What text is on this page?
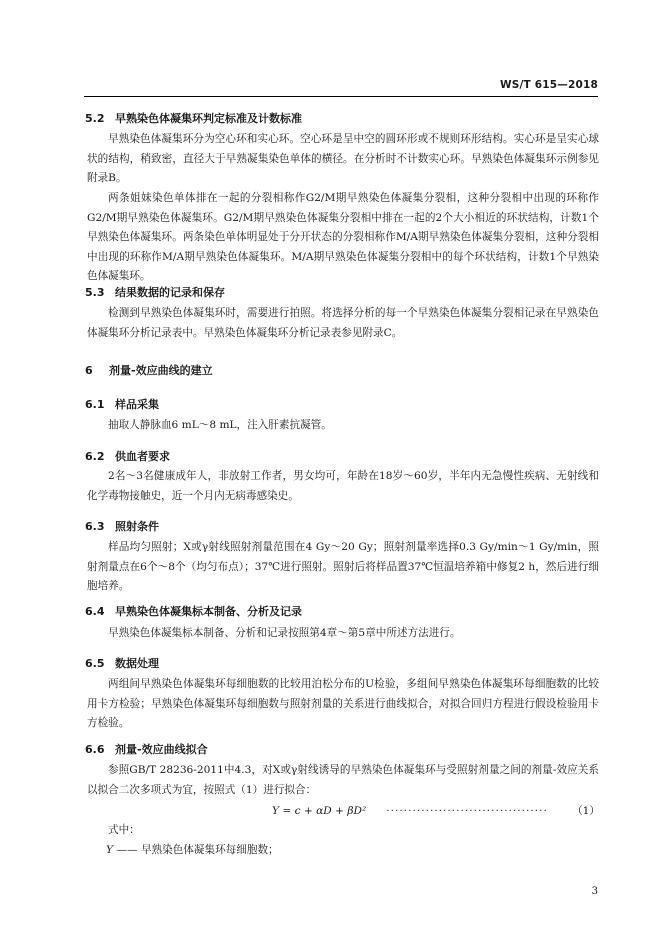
WS/T 615—2018
5.2 早熟染色体凝集环判定标准及计数标准
早熟染色体凝集环分为空心环和实心环。空心环是呈中空的圆环形或不规则环形结构。实心环是呈实心球状的结构，稍致密，直径大于早熟凝集染色单体的横径。在分析时不计数实心环。早熟染色体凝集环示例参见附录B。
两条姐妹染色单体排在一起的分裂相称作G2/M期早熟染色体凝集分裂相，这种分裂相中出现的环称作G2/M期早熟染色体凝集环。G2/M期早熟染色体凝集分裂相中排在一起的2个大小相近的环状结构，计数1个早熟染色体凝集环。两条染色单体明显处于分开状态的分裂相称作M/A期早熟染色体凝集分裂相，这种分裂相中出现的环称作M/A期早熟染色体凝集环。M/A期早熟染色体凝集分裂相中的每个环状结构，计数1个早熟染色体凝集环。
5.3 结果数据的记录和保存
检测到早熟染色体凝集环时，需要进行拍照。将选择分析的每一个早熟染色体凝集分裂相记录在早熟染色体凝集环分析记录表中。早熟染色体凝集环分析记录表参见附录C。
6 剂量-效应曲线的建立
6.1 样品采集
抽取人静脉血6 mL～8 mL，注入肝素抗凝管。
6.2 供血者要求
2名～3名健康成年人，非放射工作者，男女均可，年龄在18岁～60岁，半年内无急慢性疾病、无射线和化学毒物接触史，近一个月内无病毒感染史。
6.3 照射条件
样品均匀照射；X或γ射线照射剂量范围在4 Gy～20 Gy；照射剂量率选择0.3 Gy/min～1 Gy/min，照射剂量点在6个～8个（均匀布点）；37℃进行照射。照射后将样品置37℃恒温培养箱中修复2 h，然后进行细胞培养。
6.4 早熟染色体凝集标本制备、分析及记录
早熟染色体凝集标本制备、分析和记录按照第4章～第5章中所述方法进行。
6.5 数据处理
两组间早熟染色体凝集环每细胞数的比较用泊松分布的U检验，多组间早熟染色体凝集环每细胞数的比较用卡方检验；早熟染色体凝集环每细胞数与照射剂量的关系进行曲线拟合，对拟合回归方程进行假设检验用卡方检验。
6.6 剂量-效应曲线拟合
参照GB/T 28236-2011中4.3，对X或γ射线诱导的早熟染色体凝集环与受照射剂量之间的剂量-效应关系以拟合二次多项式为宜，按照式（1）进行拟合：
Y = c + αD + βD² ·····································	（1）
式中：
Y —— 早熟染色体凝集环每细胞数；
3
